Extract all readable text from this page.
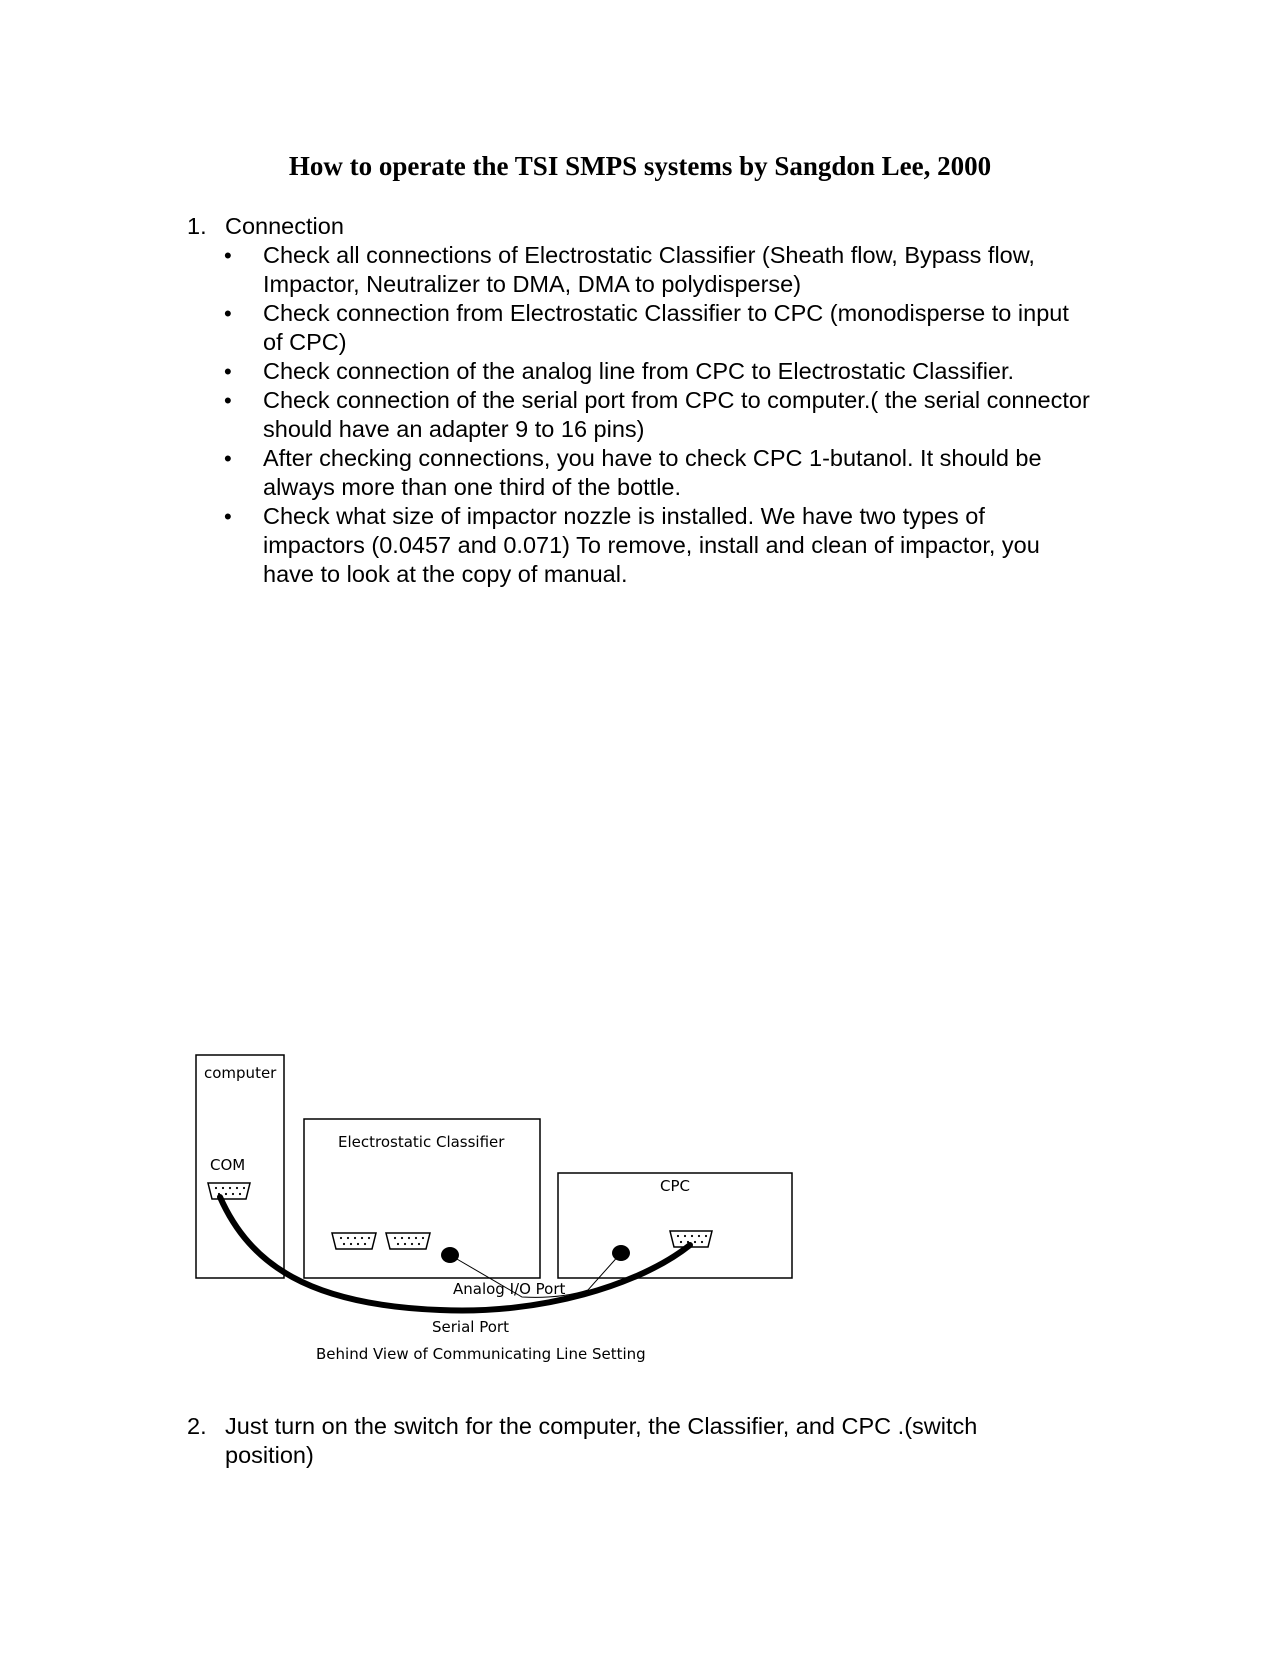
How to operate the TSI SMPS systems by Sangdon Lee, 2000
1. Connection
• Check all connections of Electrostatic Classifier (Sheath flow, Bypass flow, Impactor, Neutralizer to DMA, DMA to polydisperse)
• Check connection from Electrostatic Classifier to CPC (monodisperse to input of CPC)
• Check connection of the analog line from CPC to Electrostatic Classifier.
• Check connection of the serial port from CPC to computer.( the serial connector should have an adapter 9 to 16 pins)
• After checking connections, you have to check CPC 1-butanol. It should be always more than one third of the bottle.
• Check what size of impactor nozzle is installed. We have two types of impactors (0.0457 and 0.071) To remove, install and clean of impactor, you have to look at the copy of manual.
computer
COM
Electrostatic Classifier
CPC
Analog I/O Port
Serial Port
Behind View of Communicating Line Setting
2. Just turn on the switch for the computer, the Classifier, and CPC .(switch position)
